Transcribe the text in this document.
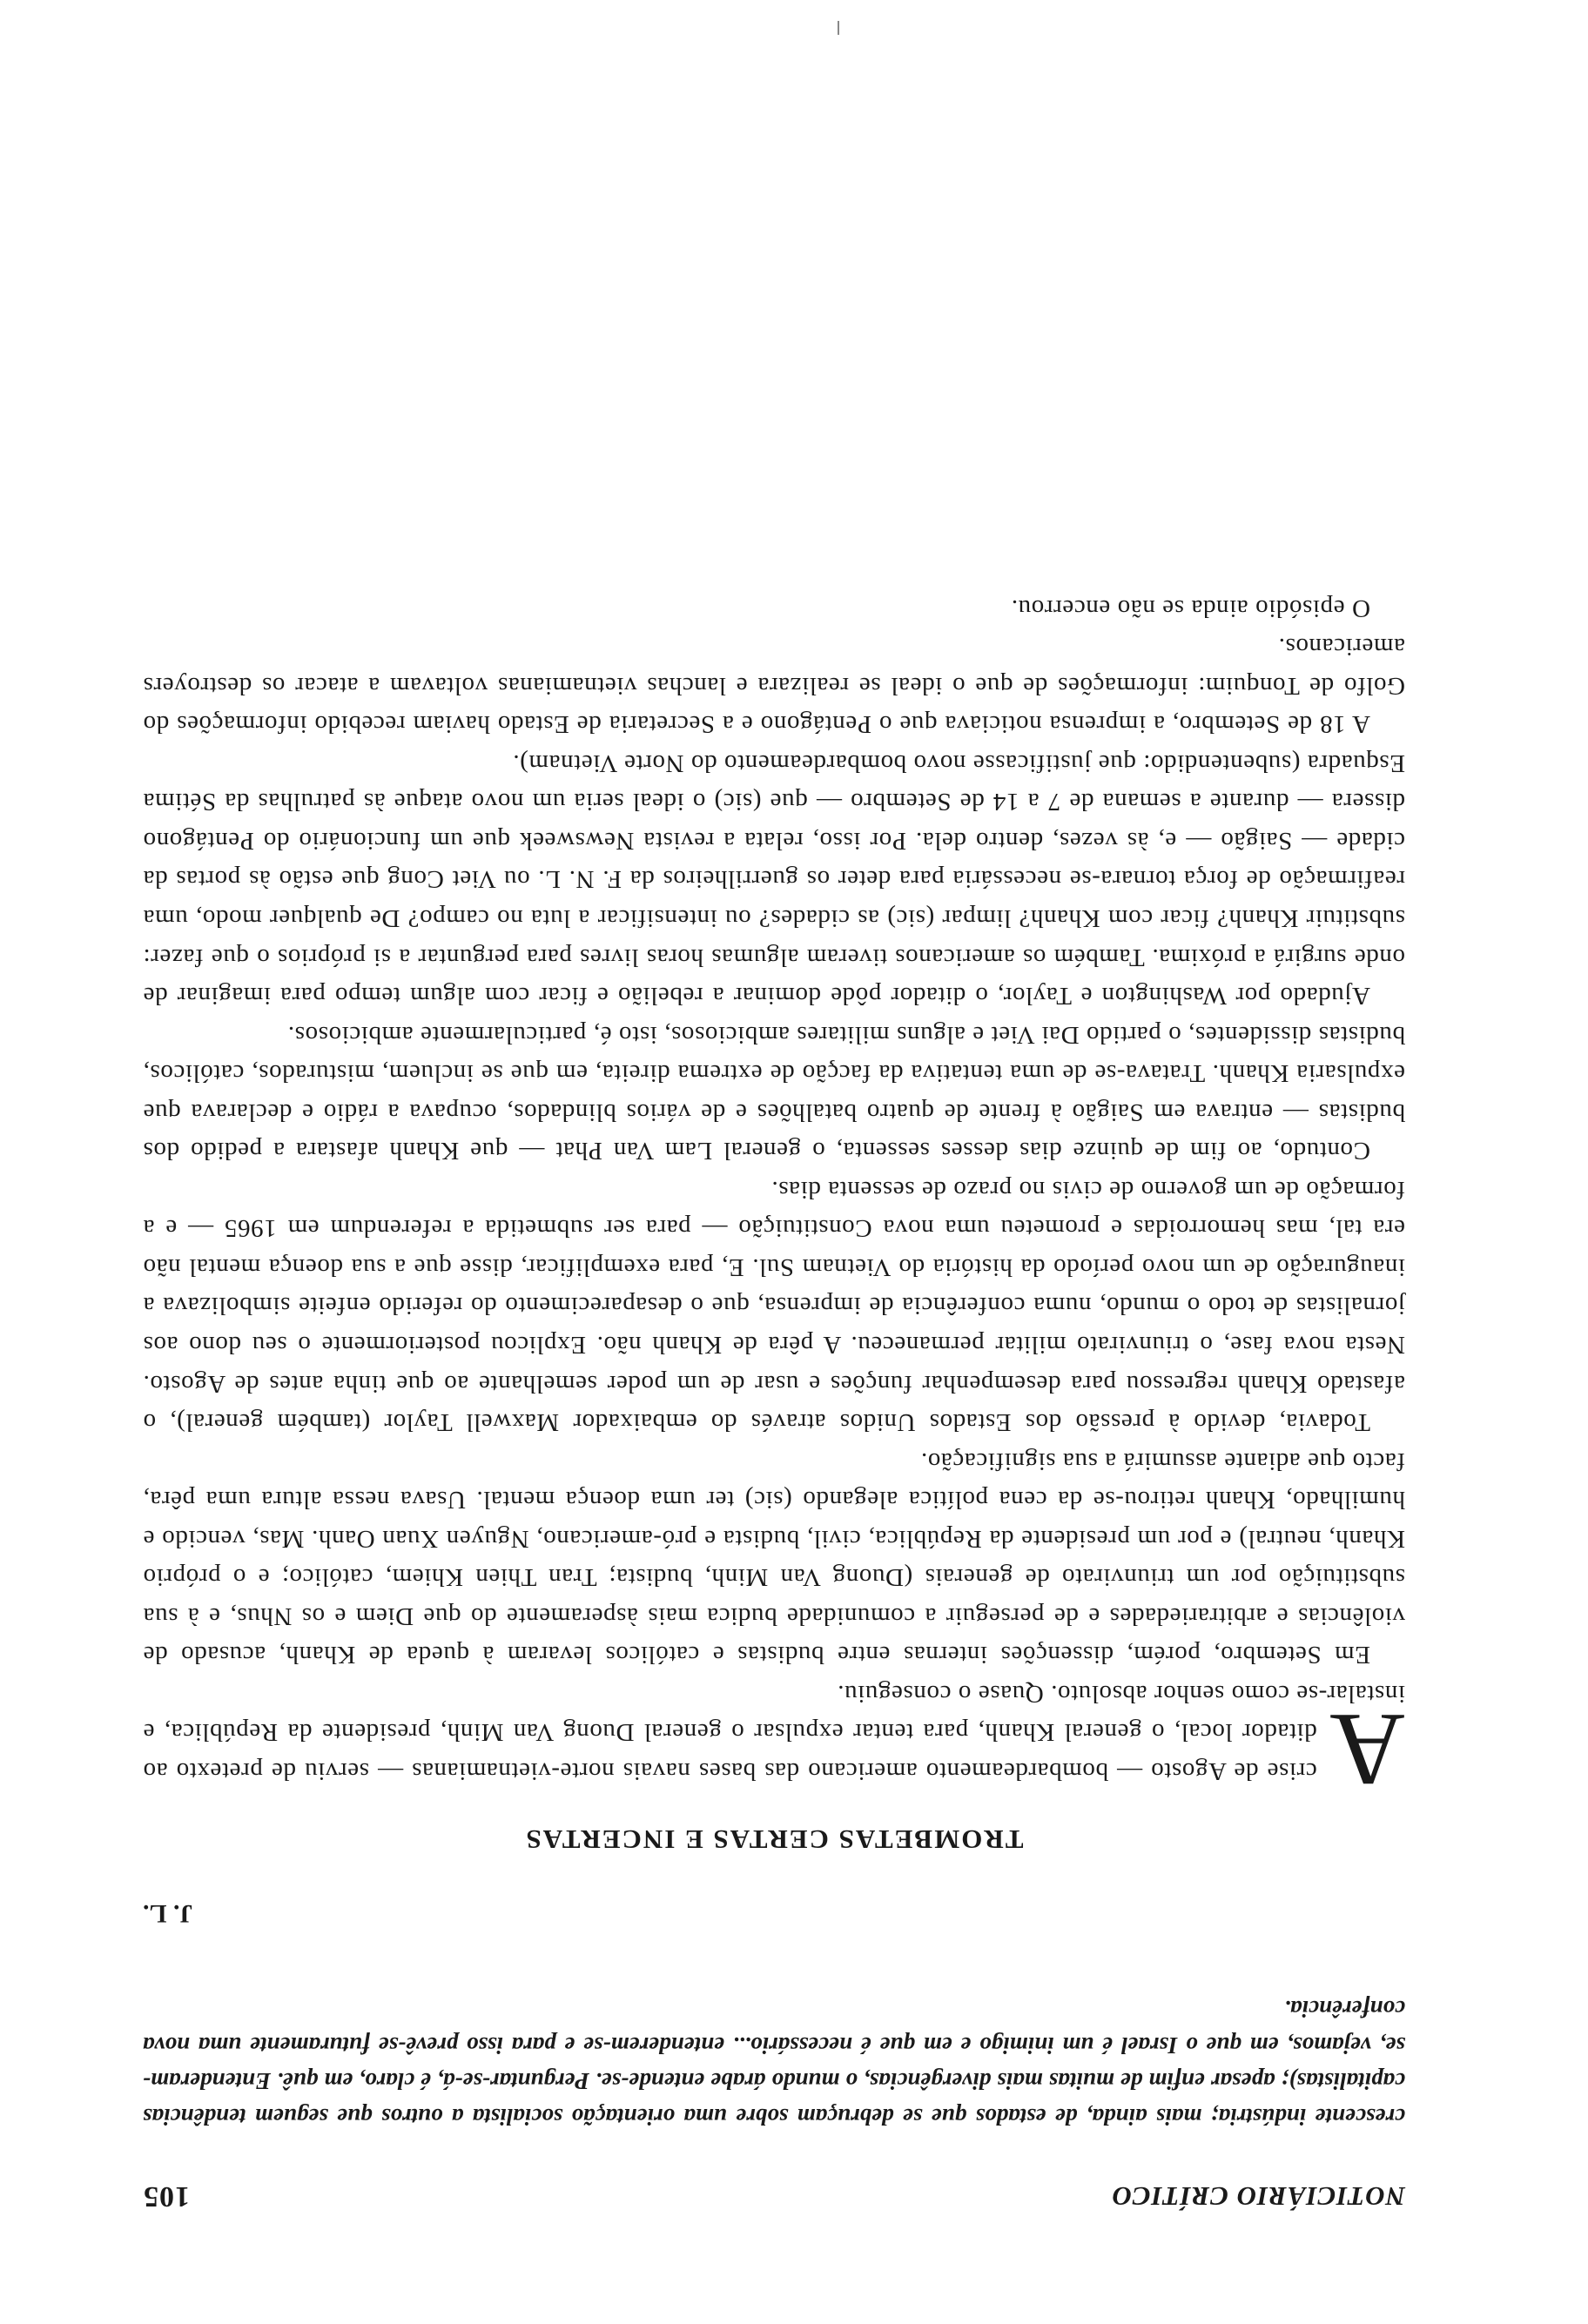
NOTICIÁRIO CRÍTICO
105

crescente indústria; mais ainda, de estados que se debruçam sobre uma orientação socialista a outros que seguem tendências capitalistas); apesar enfim de muitas mais divergências, o mundo árabe entende-se. Perguntar-se-á, é claro, em quê. Entenderam-se, vejamos, em que o Israel é um inimigo e em que é necessário... entenderem-se e para isso prevê-se futuramente uma nova conferência.

J. L.
TROMBETAS CERTAS E INCERTAS

A
crise de Agosto — bombardeamento americano das bases navais norte-vietnamianas — serviu de pretexto ao ditador local, o general Khanh, para tentar expulsar o general Duong Van Minh, presidente da República, e instalar-se como senhor absoluto. Quase o conseguiu.

Em Setembro, porém, dissenções internas entre budistas e católicos levaram à queda de Khanh, acusado de violências e arbitrariedades e de perseguir a comunidade budica mais àsperamente do que Diem e os Nhus, e à sua substituição por um triunvirato de generais (Duong Van Minh, budista; Tran Thien Khiem, católico; e o próprio Khanh, neutral) e por um presidente da República, civil, budista e pró-americano, Nguyen Xuan Oanh. Mas, vencido e humilhado, Khanh retirou-se da cena política alegando (sic) ter uma doença mental. Usava nessa altura uma pêra, facto que adiante assumirá a sua significação.

Todavia, devido à pressão dos Estados Unidos através do embaixador Maxwell Taylor (também general), o afastado Khanh regressou para desempenhar funções e usar de um poder semelhante ao que tinha antes de Agosto. Nesta nova fase, o triunvirato militar permaneceu. A pêra de Khanh não. Explicou posteriormente o seu dono aos jornalistas de todo o mundo, numa conferência de imprensa, que o desaparecimento do referido enfeite simbolizava a inauguração de um novo período da história do Vietnam Sul. E, para exemplificar, disse que a sua doença mental não era tal, mas hemorroidas e prometeu uma nova Constituição — para ser submetida a referendum em 1965 — e a formação de um governo de civis no prazo de sessenta dias.

Contudo, ao fim de quinze dias desses sessenta, o general Lam Van Phat — que Khanh afastara a pedido dos budistas — entrava em Saigão à frente de quatro batalhões e de vários blindados, ocupava a rádio e declarava que expulsaria Khanh. Tratava-se de uma tentativa da facção de extrema direita, em que se incluem, misturados, católicos, budistas dissidentes, o partido Dai Viet e alguns militares ambiciosos, isto é, particularmente ambiciosos.

Ajudado por Washington e Taylor, o ditador pôde dominar a rebelião e ficar com algum tempo para imaginar de onde surgirá a próxima. Também os americanos tiveram algumas horas livres para perguntar a si próprios o que fazer: substituir Khanh? ficar com Khanh? limpar (sic) as cidades? ou intensificar a luta no campo? De qualquer modo, uma reafirmação de força tornara-se necessária para deter os guerrilheiros da F. N. L. ou Viet Cong que estão às portas da cidade — Saigão — e, às vezes, dentro dela. Por isso, relata a revista Newsweek que um funcionário do Pentágono dissera — durante a semana de 7 a 14 de Setembro — que (sic) o ideal seria um novo ataque às patrulhas da Sétima Esquadra (subentendido: que justificasse novo bombardeamento do Norte Vietnam).

A 18 de Setembro, a imprensa noticiava que o Pentágono e a Secretaria de Estado haviam recebido informações do Golfo de Tonquim: informações de que o ideal se realizara e lanchas vietnamianas voltavam a atacar os destroyers americanos.

O episódio ainda se não encerrou.
